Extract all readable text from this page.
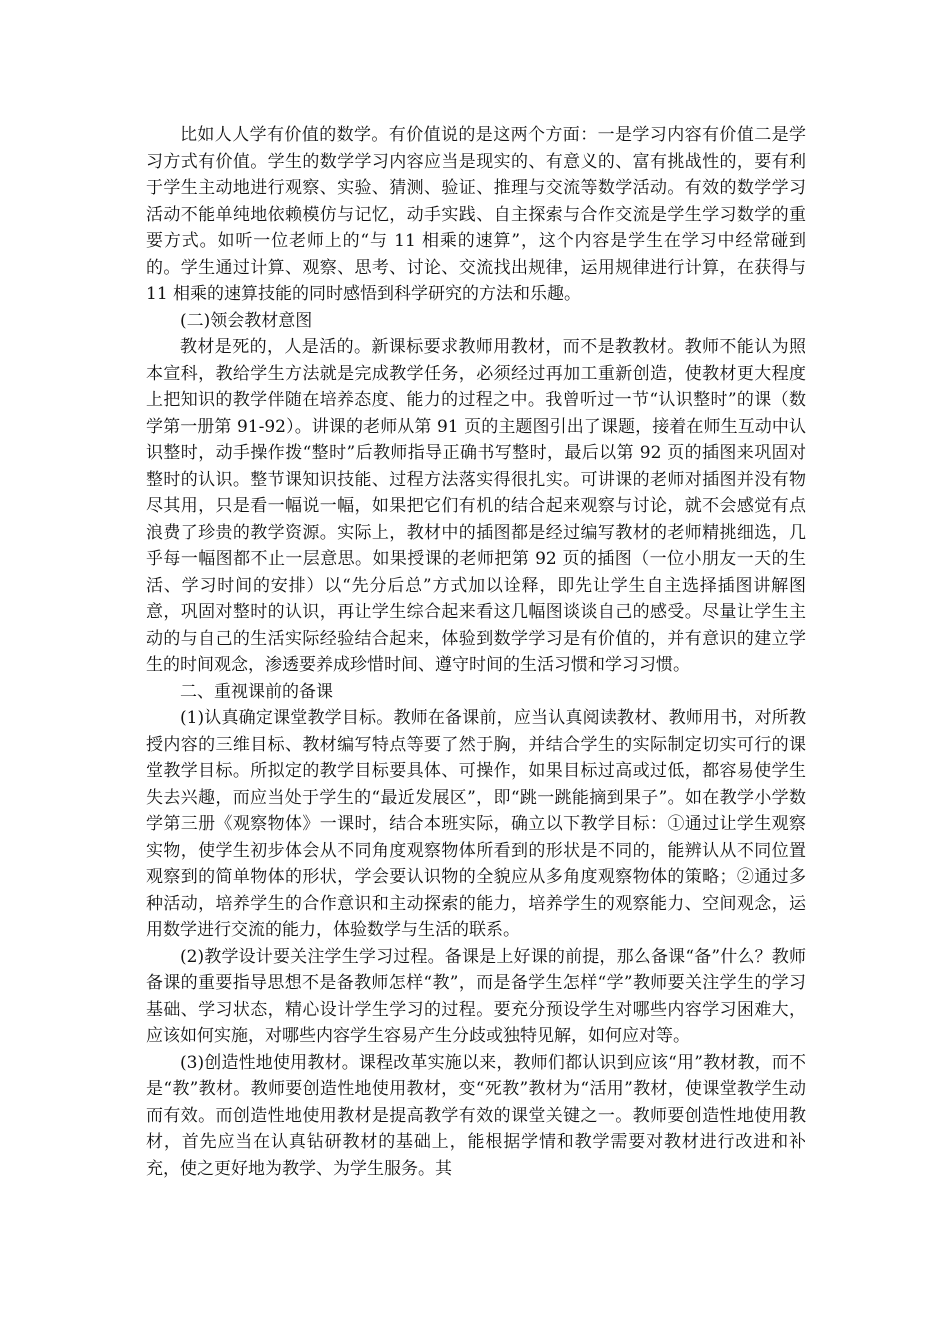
比如人人学有价值的数学。有价值说的是这两个方面：一是学习内容有价值二是学习方式有价值。学生的数学学习内容应当是现实的、有意义的、富有挑战性的，要有利于学生主动地进行观察、实验、猜测、验证、推理与交流等数学活动。有效的数学学习活动不能单纯地依赖模仿与记忆，动手实践、自主探索与合作交流是学生学习数学的重要方式。如听一位老师上的“与 11 相乘的速算”，这个内容是学生在学习中经常碰到的。学生通过计算、观察、思考、讨论、交流找出规律，运用规律进行计算，在获得与 11 相乘的速算技能的同时感悟到科学研究的方法和乐趣。

(二)领会教材意图

教材是死的，人是活的。新课标要求教师用教材，而不是教教材。教师不能认为照本宣科，教给学生方法就是完成教学任务，必须经过再加工重新创造，使教材更大程度上把知识的教学伴随在培养态度、能力的过程之中。我曾听过一节“认识整时”的课（数学第一册第 91-92）。讲课的老师从第 91 页的主题图引出了课题，接着在师生互动中认识整时，动手操作拨“整时”后教师指导正确书写整时，最后以第 92 页的插图来巩固对整时的认识。整节课知识技能、过程方法落实得很扎实。可讲课的老师对插图并没有物尽其用，只是看一幅说一幅，如果把它们有机的结合起来观察与讨论，就不会感觉有点浪费了珍贵的教学资源。实际上，教材中的插图都是经过编写教材的老师精挑细选，几乎每一幅图都不止一层意思。如果授课的老师把第 92 页的插图（一位小朋友一天的生活、学习时间的安排）以“先分后总”方式加以诠释，即先让学生自主选择插图讲解图意，巩固对整时的认识，再让学生综合起来看这几幅图谈谈自己的感受。尽量让学生主动的与自己的生活实际经验结合起来，体验到数学学习是有价值的，并有意识的建立学生的时间观念，渗透要养成珍惜时间、遵守时间的生活习惯和学习习惯。

二、重视课前的备课

(1)认真确定课堂教学目标。教师在备课前，应当认真阅读教材、教师用书，对所教授内容的三维目标、教材编写特点等要了然于胸，并结合学生的实际制定切实可行的课堂教学目标。所拟定的教学目标要具体、可操作，如果目标过高或过低，都容易使学生失去兴趣，而应当处于学生的“最近发展区”，即“跳一跳能摘到果子”。如在教学小学数学第三册《观察物体》一课时，结合本班实际，确立以下教学目标：①通过让学生观察实物，使学生初步体会从不同角度观察物体所看到的形状是不同的，能辨认从不同位置观察到的简单物体的形状，学会要认识物的全貌应从多角度观察物体的策略；②通过多种活动，培养学生的合作意识和主动探索的能力，培养学生的观察能力、空间观念，运用数学进行交流的能力，体验数学与生活的联系。

(2)教学设计要关注学生学习过程。备课是上好课的前提，那么备课“备”什么？教师备课的重要指导思想不是备教师怎样“教”，而是备学生怎样“学”教师要关注学生的学习基础、学习状态，精心设计学生学习的过程。要充分预设学生对哪些内容学习困难大，应该如何实施，对哪些内容学生容易产生分歧或独特见解，如何应对等。

(3)创造性地使用教材。课程改革实施以来，教师们都认识到应该“用”教材教，而不是“教”教材。教师要创造性地使用教材，变“死教”教材为“活用”教材，使课堂教学生动而有效。而创造性地使用教材是提高教学有效的课堂关键之一。教师要创造性地使用教材，首先应当在认真钻研教材的基础上，能根据学情和教学需要对教材进行改进和补充，使之更好地为教学、为学生服务。其
